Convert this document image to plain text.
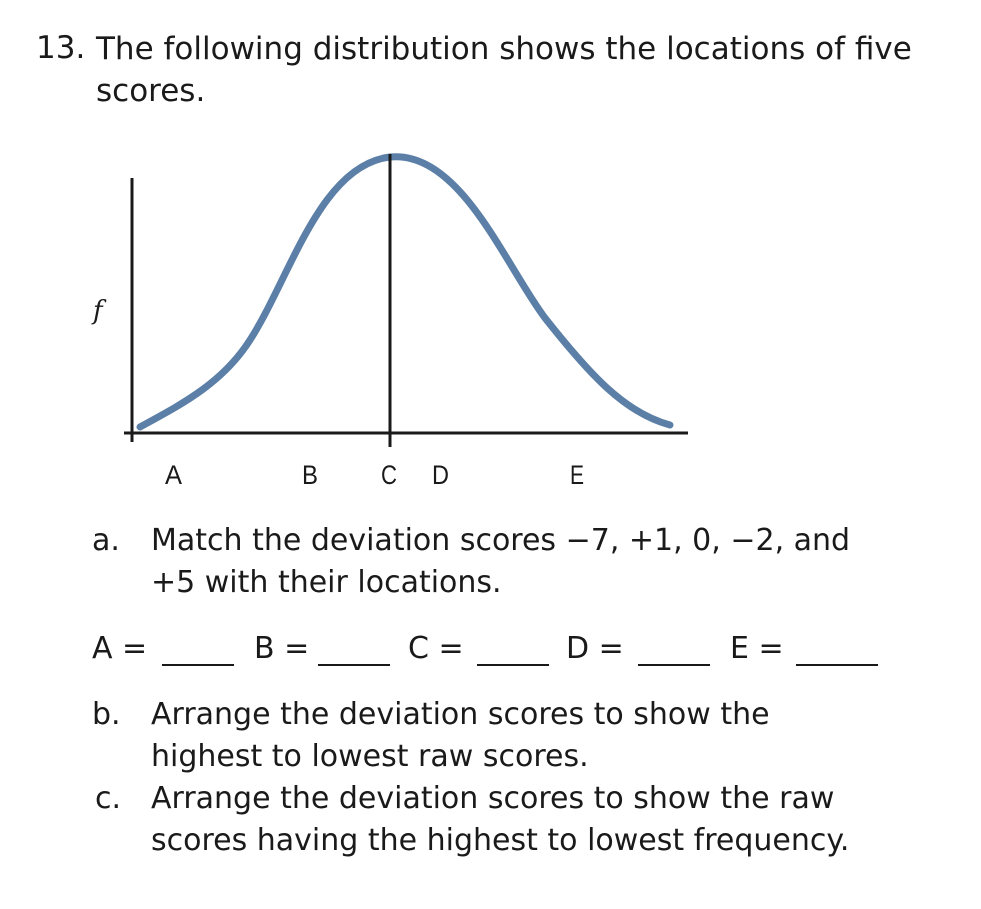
13. The following distribution shows the locations of five scores.
f
A	B C D	E
a. Match the deviation scores −7, +1, 0, −2, and +5 with their locations.
A =	B =	C =	D =	E =
b. Arrange the deviation scores to show the highest to lowest raw scores.
c. Arrange the deviation scores to show the raw scores having the highest to lowest frequency.
